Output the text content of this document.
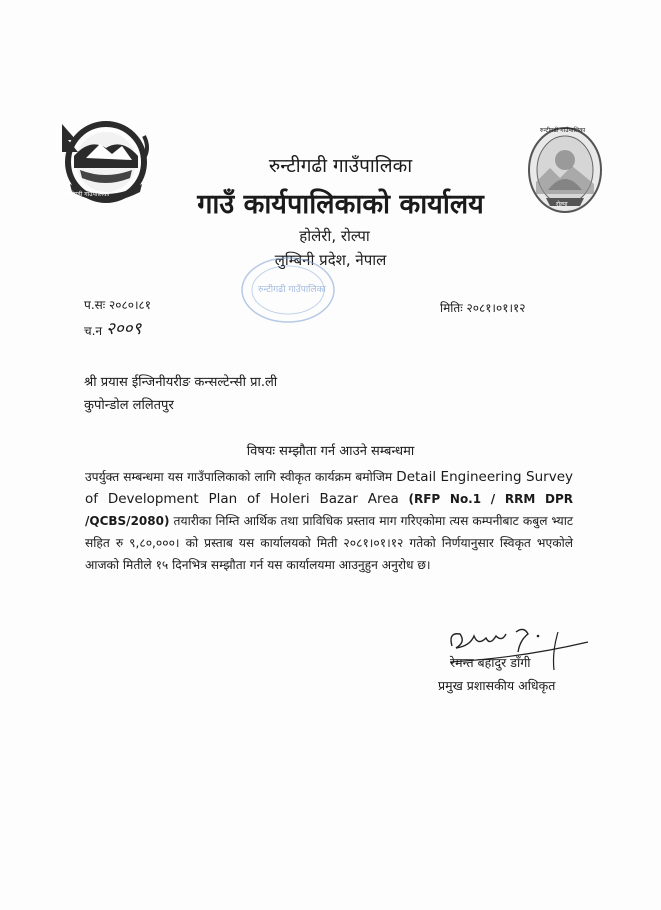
रुन्टीगढी गाउँपालिका
रुन्टीगढी गाउँपालिका
रोल्पा
रुन्टीगढी गाउँपालिका
गाउँ कार्यपालिकाको कार्यालय
होलेरी, रोल्पा
लुम्बिनी प्रदेश, नेपाल
रुन्टीगढी गाउँपालिका
प.सः २०८०।८१
च.न २००९
मितिः २०८१।०१।१२
श्री प्रयास ईन्जिनीयरीङ कन्सल्टेन्सी प्रा.ली
कुपोन्डोल ललितपुर
विषयः सम्झौता गर्न आउने सम्बन्धमा
उपर्युक्त सम्बन्धमा यस गाउँपालिकाको लागि स्वीकृत कार्यक्रम बमोजिम Detail Engineering Survey of Development Plan of Holeri Bazar Area (RFP No.1 / RRM DPR /QCBS/2080) तयारीका निम्ति आर्थिक तथा प्राविधिक प्रस्ताव माग गरिएकोमा त्यस कम्पनीबाट कबुल भ्याट सहित रु ९,८०,०००। को प्रस्ताब यस कार्यालयको मिती २०८१।०१।१२ गतेको निर्णयानुसार स्विकृत भएकोले आजको मितीले १५ दिनभित्र सम्झौता गर्न यस कार्यालयमा आउनुहुन अनुरोध छ।
रेमन्त बहादुर डाँगी
प्रमुख प्रशासकीय अधिकृत
